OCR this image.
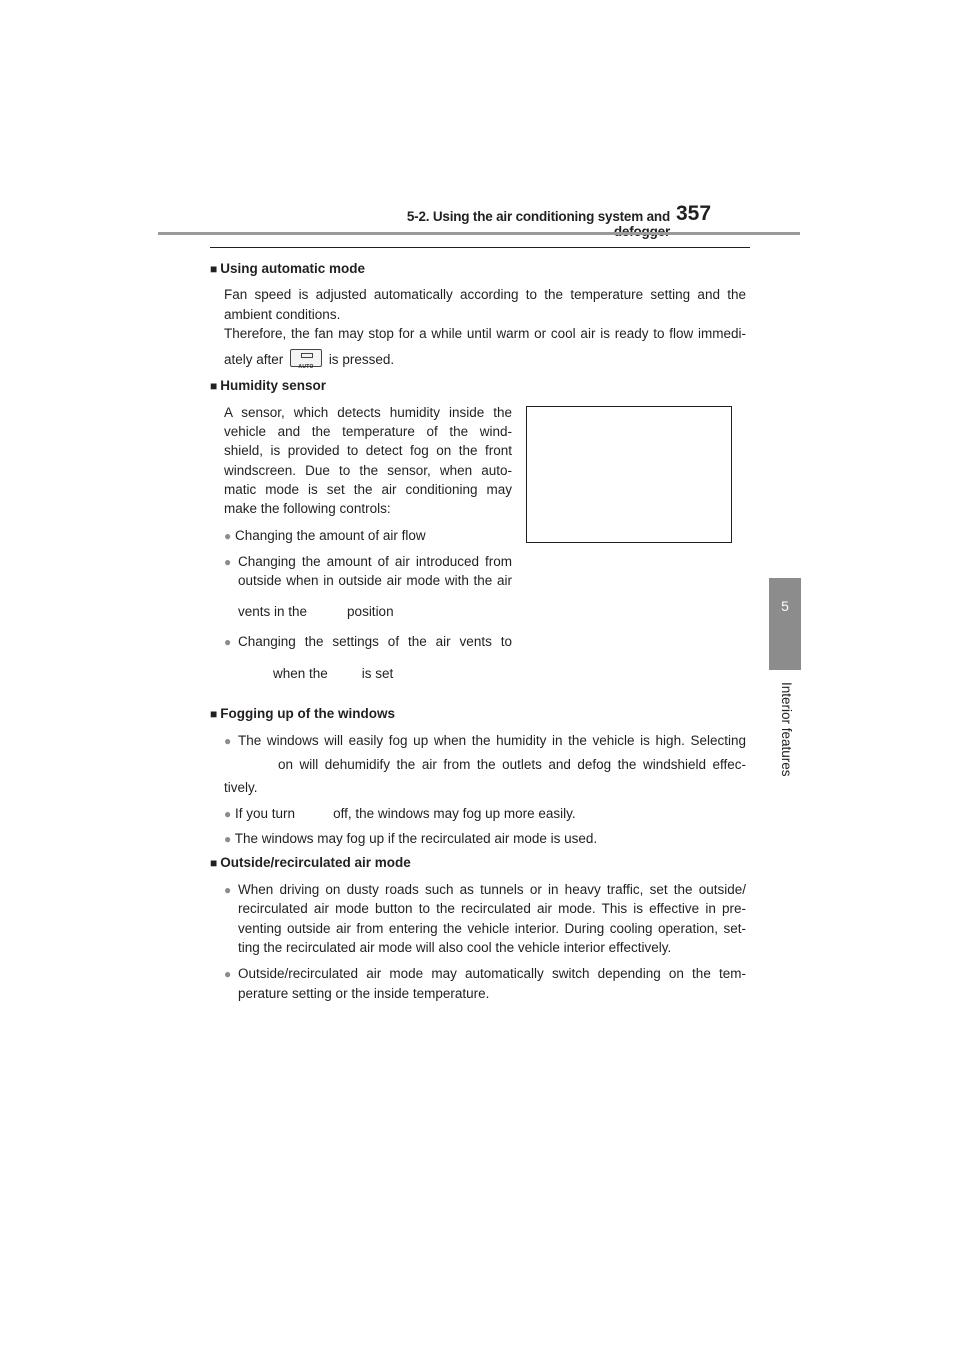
5-2. Using the air conditioning system and 357
5
Interior features
■ Using automatic mode
Fan speed is adjusted automatically according to the temperature setting and the
ambient conditions.
Therefore, the fan may stop for a while until warm or cool air is ready to flow immedi-
ately after	AUTO	is pressed.
■ Humidity sensor
A sensor, which detects humidity inside the
vehicle and the temperature of the wind-
shield, is provided to detect fog on the front
windscreen. Due to the sensor, when auto-
matic mode is set the air conditioning may
make the following controls:
● Changing the amount of air flow
● Changing the amount of air introduced from
outside when in outside air mode with the air
vents in the	position
● Changing the settings of the air vents to
when the	is set
■ Fogging up of the windows
● The windows will easily fog up when the humidity in the vehicle is high. Selecting
on will dehumidify the air from the outlets and defog the windshield effec-
tively.
● If you turn	off, the windows may fog up more easily.
● The windows may fog up if the recirculated air mode is used.
■ Outside/recirculated air mode
● When driving on dusty roads such as tunnels or in heavy traffic, set the outside/
recirculated air mode button to the recirculated air mode. This is effective in pre-
venting outside air from entering the vehicle interior. During cooling operation, set-
ting the recirculated air mode will also cool the vehicle interior effectively.
● Outside/recirculated air mode may automatically switch depending on the tem-
perature setting or the inside temperature.
